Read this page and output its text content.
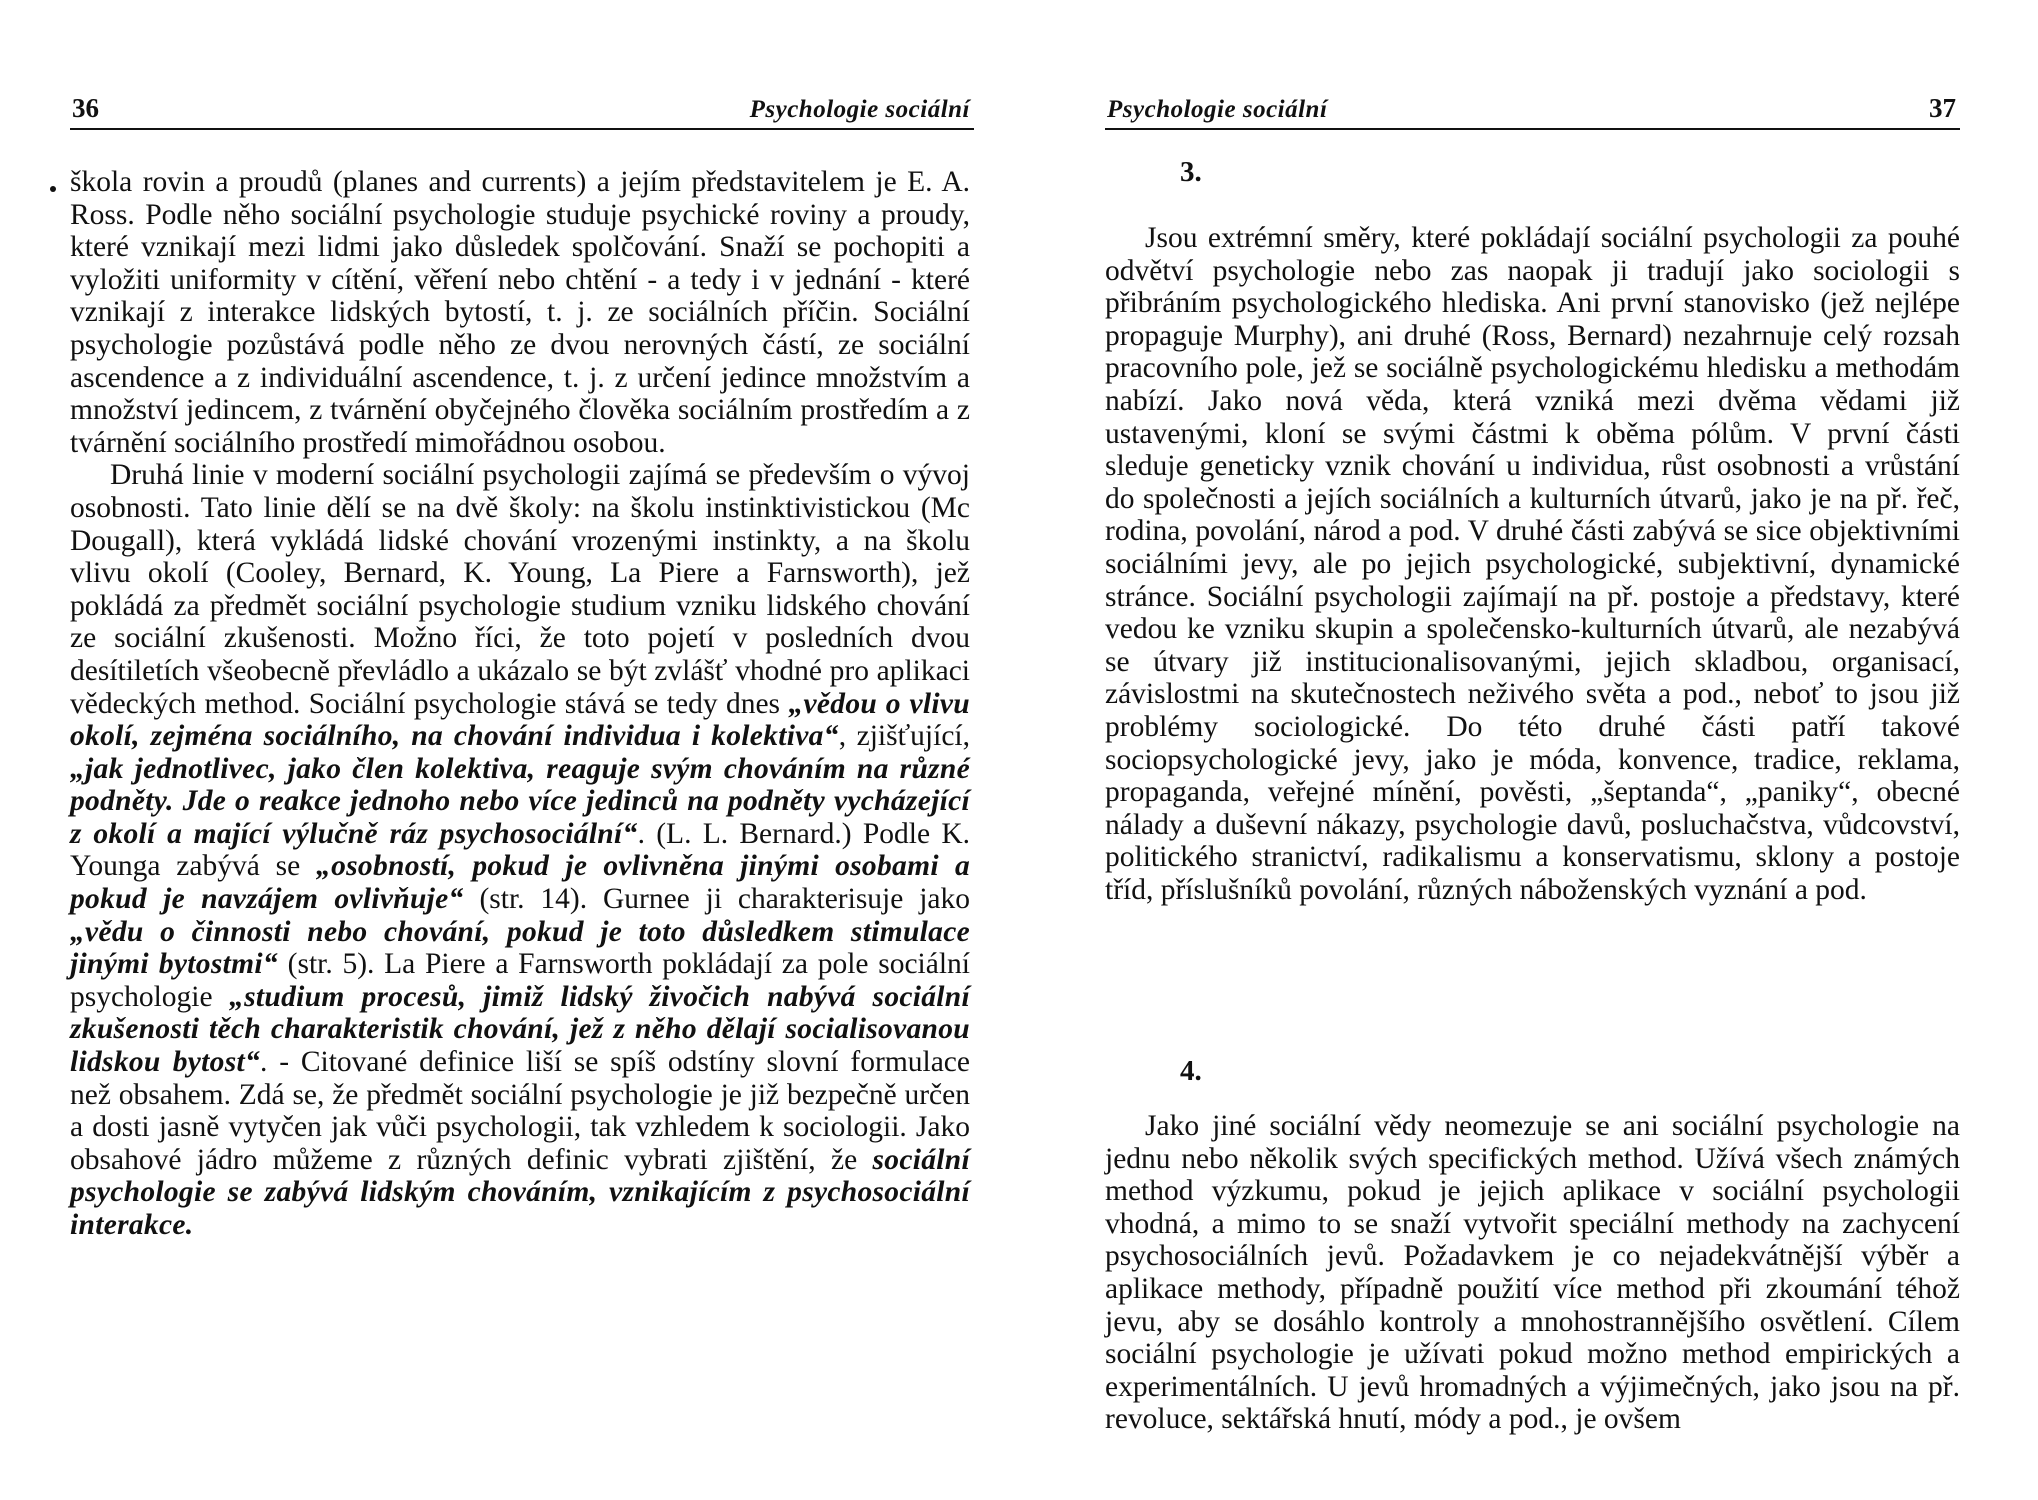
36	Psychologie sociální

škola rovin a proudů (planes and currents) a jejím představitelem je E. A. Ross. Podle něho sociální psychologie studuje psychické roviny a proudy, které vznikají mezi lidmi jako důsledek spolčování. Snaží se pochopiti a vyložiti uniformity v cítění, věření nebo chtění - a tedy i v jednání - které vznikají z interakce lidských bytostí, t. j. ze sociálních příčin. Sociální psychologie pozůstává podle něho ze dvou nerovných částí, ze sociální ascendence a z individuální ascendence, t. j. z určení jedince množstvím a množství jedincem, z tvárnění obyčejného člověka sociálním prostředím a z tvárnění sociálního prostředí mimořádnou osobou.

Druhá linie v moderní sociální psychologii zajímá se především o vývoj osobnosti. Tato linie dělí se na dvě školy: na školu instinktivistickou (Mc Dougall), která vykládá lidské chování vrozenými instinkty, a na školu vlivu okolí (Cooley, Bernard, K. Young, La Piere a Farnsworth), jež pokládá za předmět sociální psychologie studium vzniku lidského chování ze sociální zkušenosti. Možno říci, že toto pojetí v posledních dvou desítiletích všeobecně převládlo a ukázalo se být zvlášť vhodné pro aplikaci vědeckých method. Sociální psychologie stává se tedy dnes „vědou o vlivu okolí, zejména sociálního, na chování individua i kolektiva“, zjišťující, „jak jednotlivec, jako člen kolektiva, reaguje svým chováním na různé podněty. Jde o reakce jednoho nebo více jedinců na podněty vycházející z okolí a mající výlučně ráz psychosociální“. (L. L. Bernard.) Podle K. Younga zabývá se „osobností, pokud je ovlivněna jinými osobami a pokud je navzájem ovlivňuje“ (str. 14). Gurnee ji charakterisuje jako „vědu o činnosti nebo chování, pokud je toto důsledkem stimulace jinými bytostmi“ (str. 5). La Piere a Farnsworth pokládají za pole sociální psychologie „studium procesů, jimiž lidský živočich nabývá sociální zkušenosti těch charakteristik chování, jež z něho dělají socialisovanou lidskou bytost“. - Citované definice liší se spíš odstíny slovní formulace než obsahem. Zdá se, že předmět sociální psychologie je již bezpečně určen a dosti jasně vytyčen jak vůči psychologii, tak vzhledem k sociologii. Jako obsahové jádro můžeme z různých definic vybrati zjištění, že sociální psychologie se zabývá lidským chováním, vznikajícím z psychosociální interakce.

Psychologie sociální	37
3.

Jsou extrémní směry, které pokládají sociální psychologii za pouhé odvětví psychologie nebo zas naopak ji tradují jako sociologii s přibráním psychologického hlediska. Ani první stanovisko (jež nejlépe propaguje Murphy), ani druhé (Ross, Bernard) nezahrnuje celý rozsah pracovního pole, jež se sociálně psychologickému hledisku a methodám nabízí. Jako nová věda, která vzniká mezi dvěma vědami již ustavenými, kloní se svými částmi k oběma pólům. V první části sleduje geneticky vznik chování u individua, růst osobnosti a vrůstání do společnosti a jejích sociálních a kulturních útvarů, jako je na př. řeč, rodina, povolání, národ a pod. V druhé části zabývá se sice objektivními sociálními jevy, ale po jejich psychologické, subjektivní, dynamické stránce. Sociální psychologii zajímají na př. postoje a představy, které vedou ke vzniku skupin a společensko-kulturních útvarů, ale nezabývá se útvary již institucionalisovanými, jejich skladbou, organisací, závislostmi na skutečnostech neživého světa a pod., neboť to jsou již problémy sociologické. Do této druhé části patří takové sociopsychologické jevy, jako je móda, konvence, tradice, reklama, propaganda, veřejné mínění, pověsti, „šeptanda“, „paniky“, obecné nálady a duševní nákazy, psychologie davů, posluchačstva, vůdcovství, politického stranictví, radikalismu a konservatismu, sklony a postoje tříd, příslušníků povolání, různých náboženských vyznání a pod.

4.

Jako jiné sociální vědy neomezuje se ani sociální psychologie na jednu nebo několik svých specifických method. Užívá všech známých method výzkumu, pokud je jejich aplikace v sociální psychologii vhodná, a mimo to se snaží vytvořit speciální methody na zachycení psychosociálních jevů. Požadavkem je co nejadekvátnější výběr a aplikace methody, případně použití více method při zkoumání téhož jevu, aby se dosáhlo kontroly a mnohostrannějšího osvětlení. Cílem sociální psychologie je užívati pokud možno method empirických a experimentálních. U jevů hromadných a výjimečných, jako jsou na př. revoluce, sektářská hnutí, módy a pod., je ovšem
